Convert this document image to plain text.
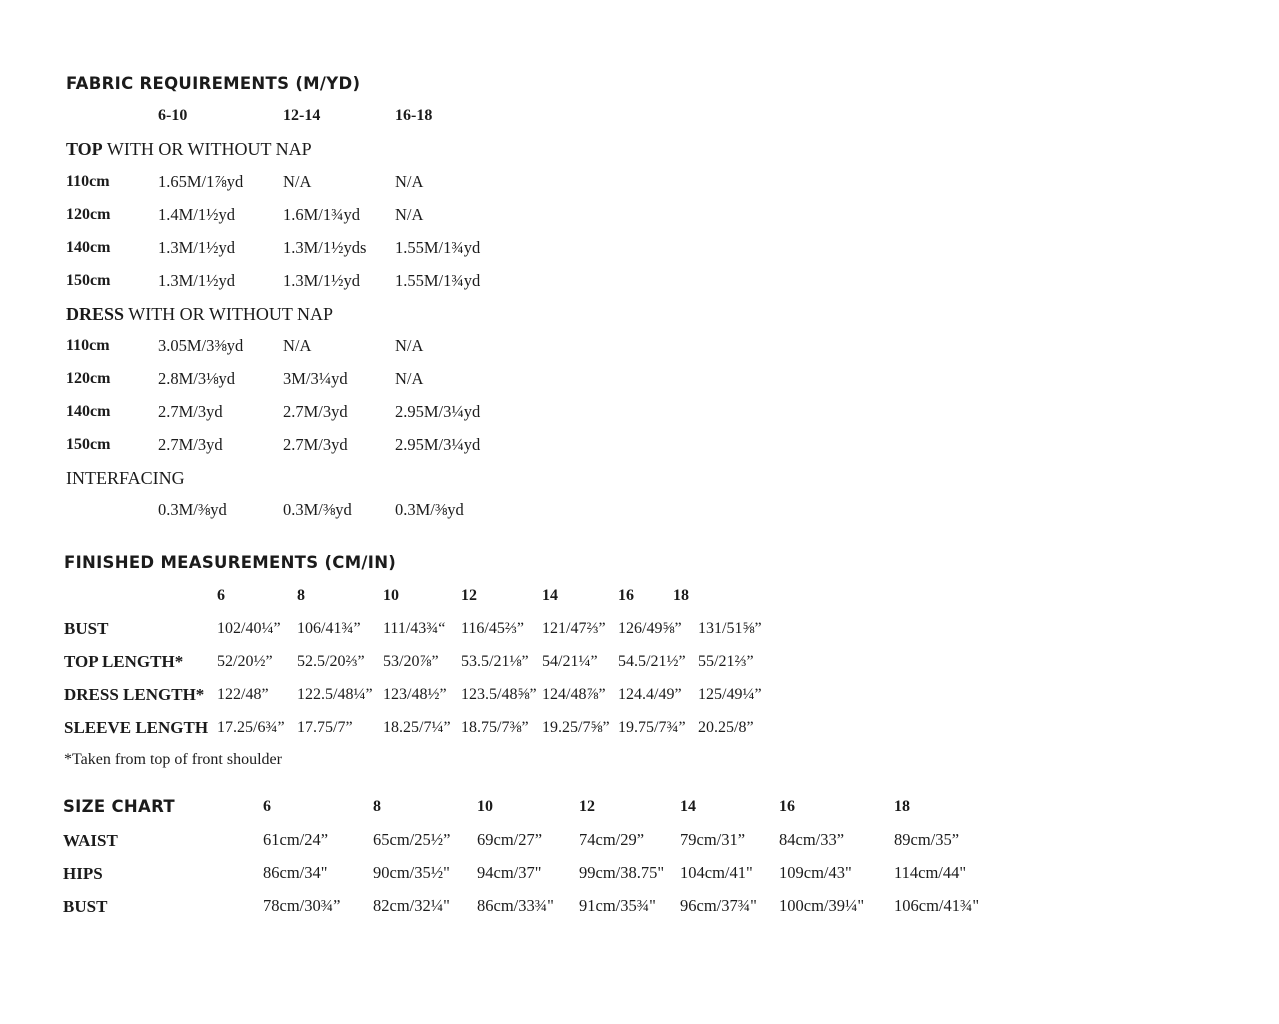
FABRIC REQUIREMENTS (M/YD)
6-10	12-14	16-18
TOP WITH OR WITHOUT NAP
110cm	1.65M/1⅞yd N/A	N/A
120cm	1.4M/1½yd	1.6M/1¾yd N/A
140cm	1.3M/1½yd	1.3M/1½yds 1.55M/1¾yd
150cm	1.3M/1½yd	1.3M/1½yd 1.55M/1¾yd
DRESS WITH OR WITHOUT NAP
110cm	3.05M/3⅜yd N/A	N/A
120cm	2.8M/3⅛yd	3M/3¼yd	N/A
140cm	2.7M/3yd	2.7M/3yd	2.95M/3¼yd
150cm	2.7M/3yd	2.7M/3yd	2.95M/3¼yd
INTERFACING
0.3M/⅜yd	0.3M/⅜yd	0.3M/⅜yd
FINISHED MEASUREMENTS (CM/IN)
6	8	10	12	14	16 18
BUST	102/40¼” 106/41¾” 111/43¾“ 116/45⅔” 121/47⅔” 126/49⅝” 131/51⅝”
TOP LENGTH* 52/20½” 52.5/20⅔” 53/20⅞” 53.5/21⅛” 54/21¼” 54.5/21½” 55/21⅔”
DRESS LENGTH* 122/48” 122.5/48¼” 123/48½” 123.5/48⅝” 124/48⅞” 124.4/49” 125/49¼”
SLEEVE LENGTH 17.25/6¾” 17.75/7” 18.25/7¼” 18.75/7⅜” 19.25/7⅝” 19.75/7¾” 20.25/8”
*Taken from top of front shoulder
SIZE CHART	6	8	10	12	14	16	18
WAIST	61cm/24”	65cm/25½” 69cm/27” 74cm/29” 79cm/31” 84cm/33”	89cm/35”
HIPS	86cm/34"	90cm/35½" 94cm/37" 99cm/38.75" 104cm/41" 109cm/43"	114cm/44"
BUST	78cm/30¾” 82cm/32¼" 86cm/33¾" 91cm/35¾" 96cm/37¾" 100cm/39¼" 106cm/41¾"
